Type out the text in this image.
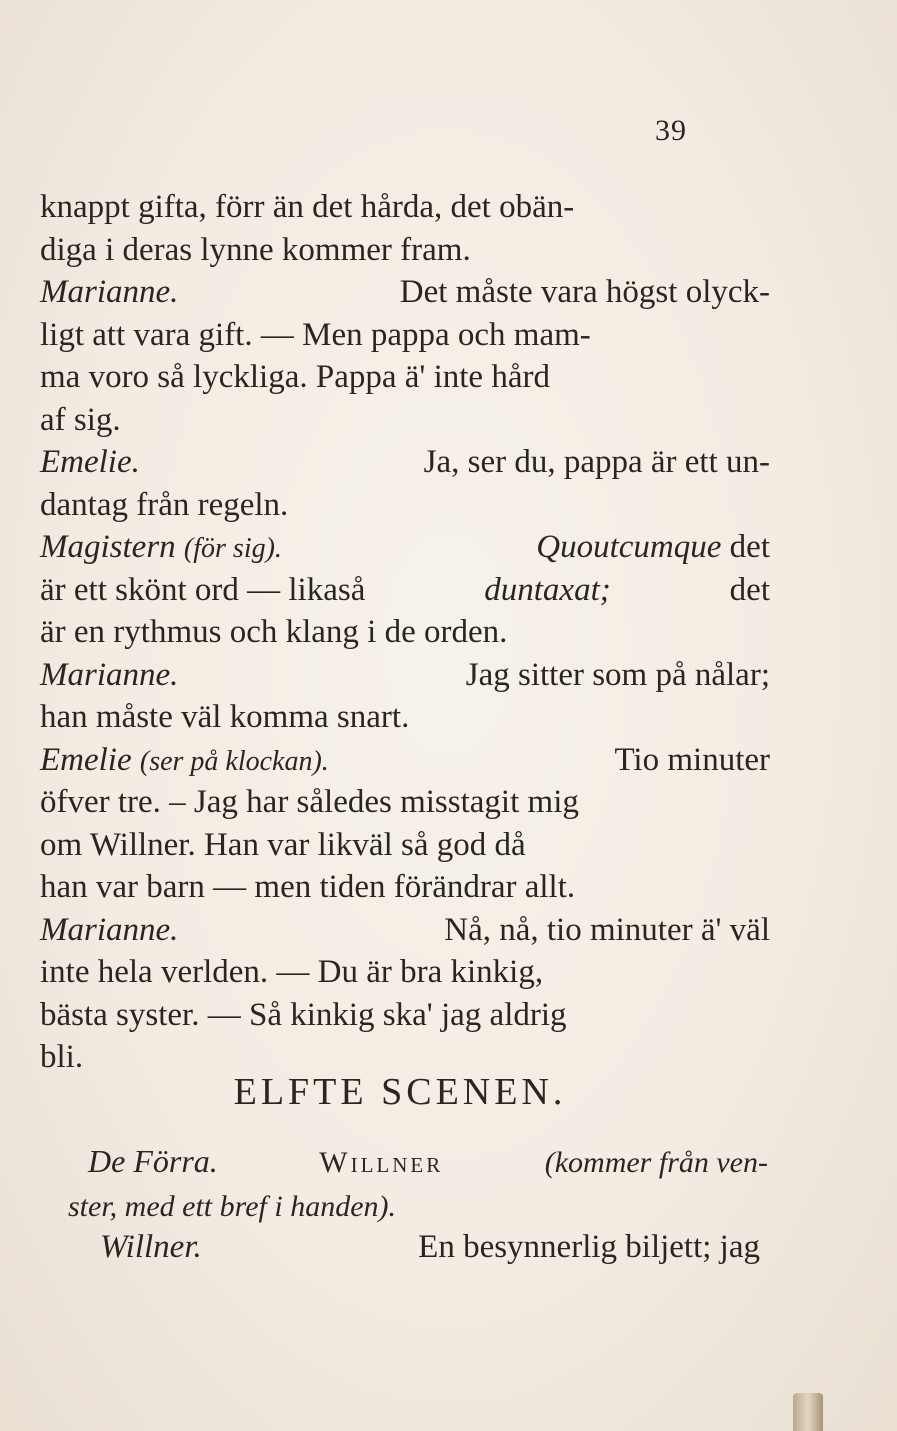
39
knappt gifta, förr än det hårda, det obän-
diga i deras lynne kommer fram.
Marianne.	Det måste vara högst olyck-
ligt att vara gift. — Men pappa och mam-
ma voro så lyckliga. Pappa ä' inte hård
af sig.
Emelie.	Ja, ser du, pappa är ett un-
dantag från regeln.
Magistern (för sig).	Quoutcumque det
är ett skönt ord — likaså	duntaxat;	det
är en rythmus och klang i de orden.
Marianne.	Jag sitter som på nålar;
han måste väl komma snart.
Emelie (ser på klockan).	Tio minuter
öfver tre. – Jag har således misstagit mig
om Willner. Han var likväl så god då
han var barn — men tiden förändrar allt.
Marianne.	Nå, nå, tio minuter ä' väl
inte hela verlden. — Du är bra kinkig,
bästa syster. — Så kinkig ska' jag aldrig
bli.
ELFTE SCENEN.
De Förra.	Willner	(kommer från ven-
ster, med ett bref i handen).
Willner.	En besynnerlig biljett; jag
